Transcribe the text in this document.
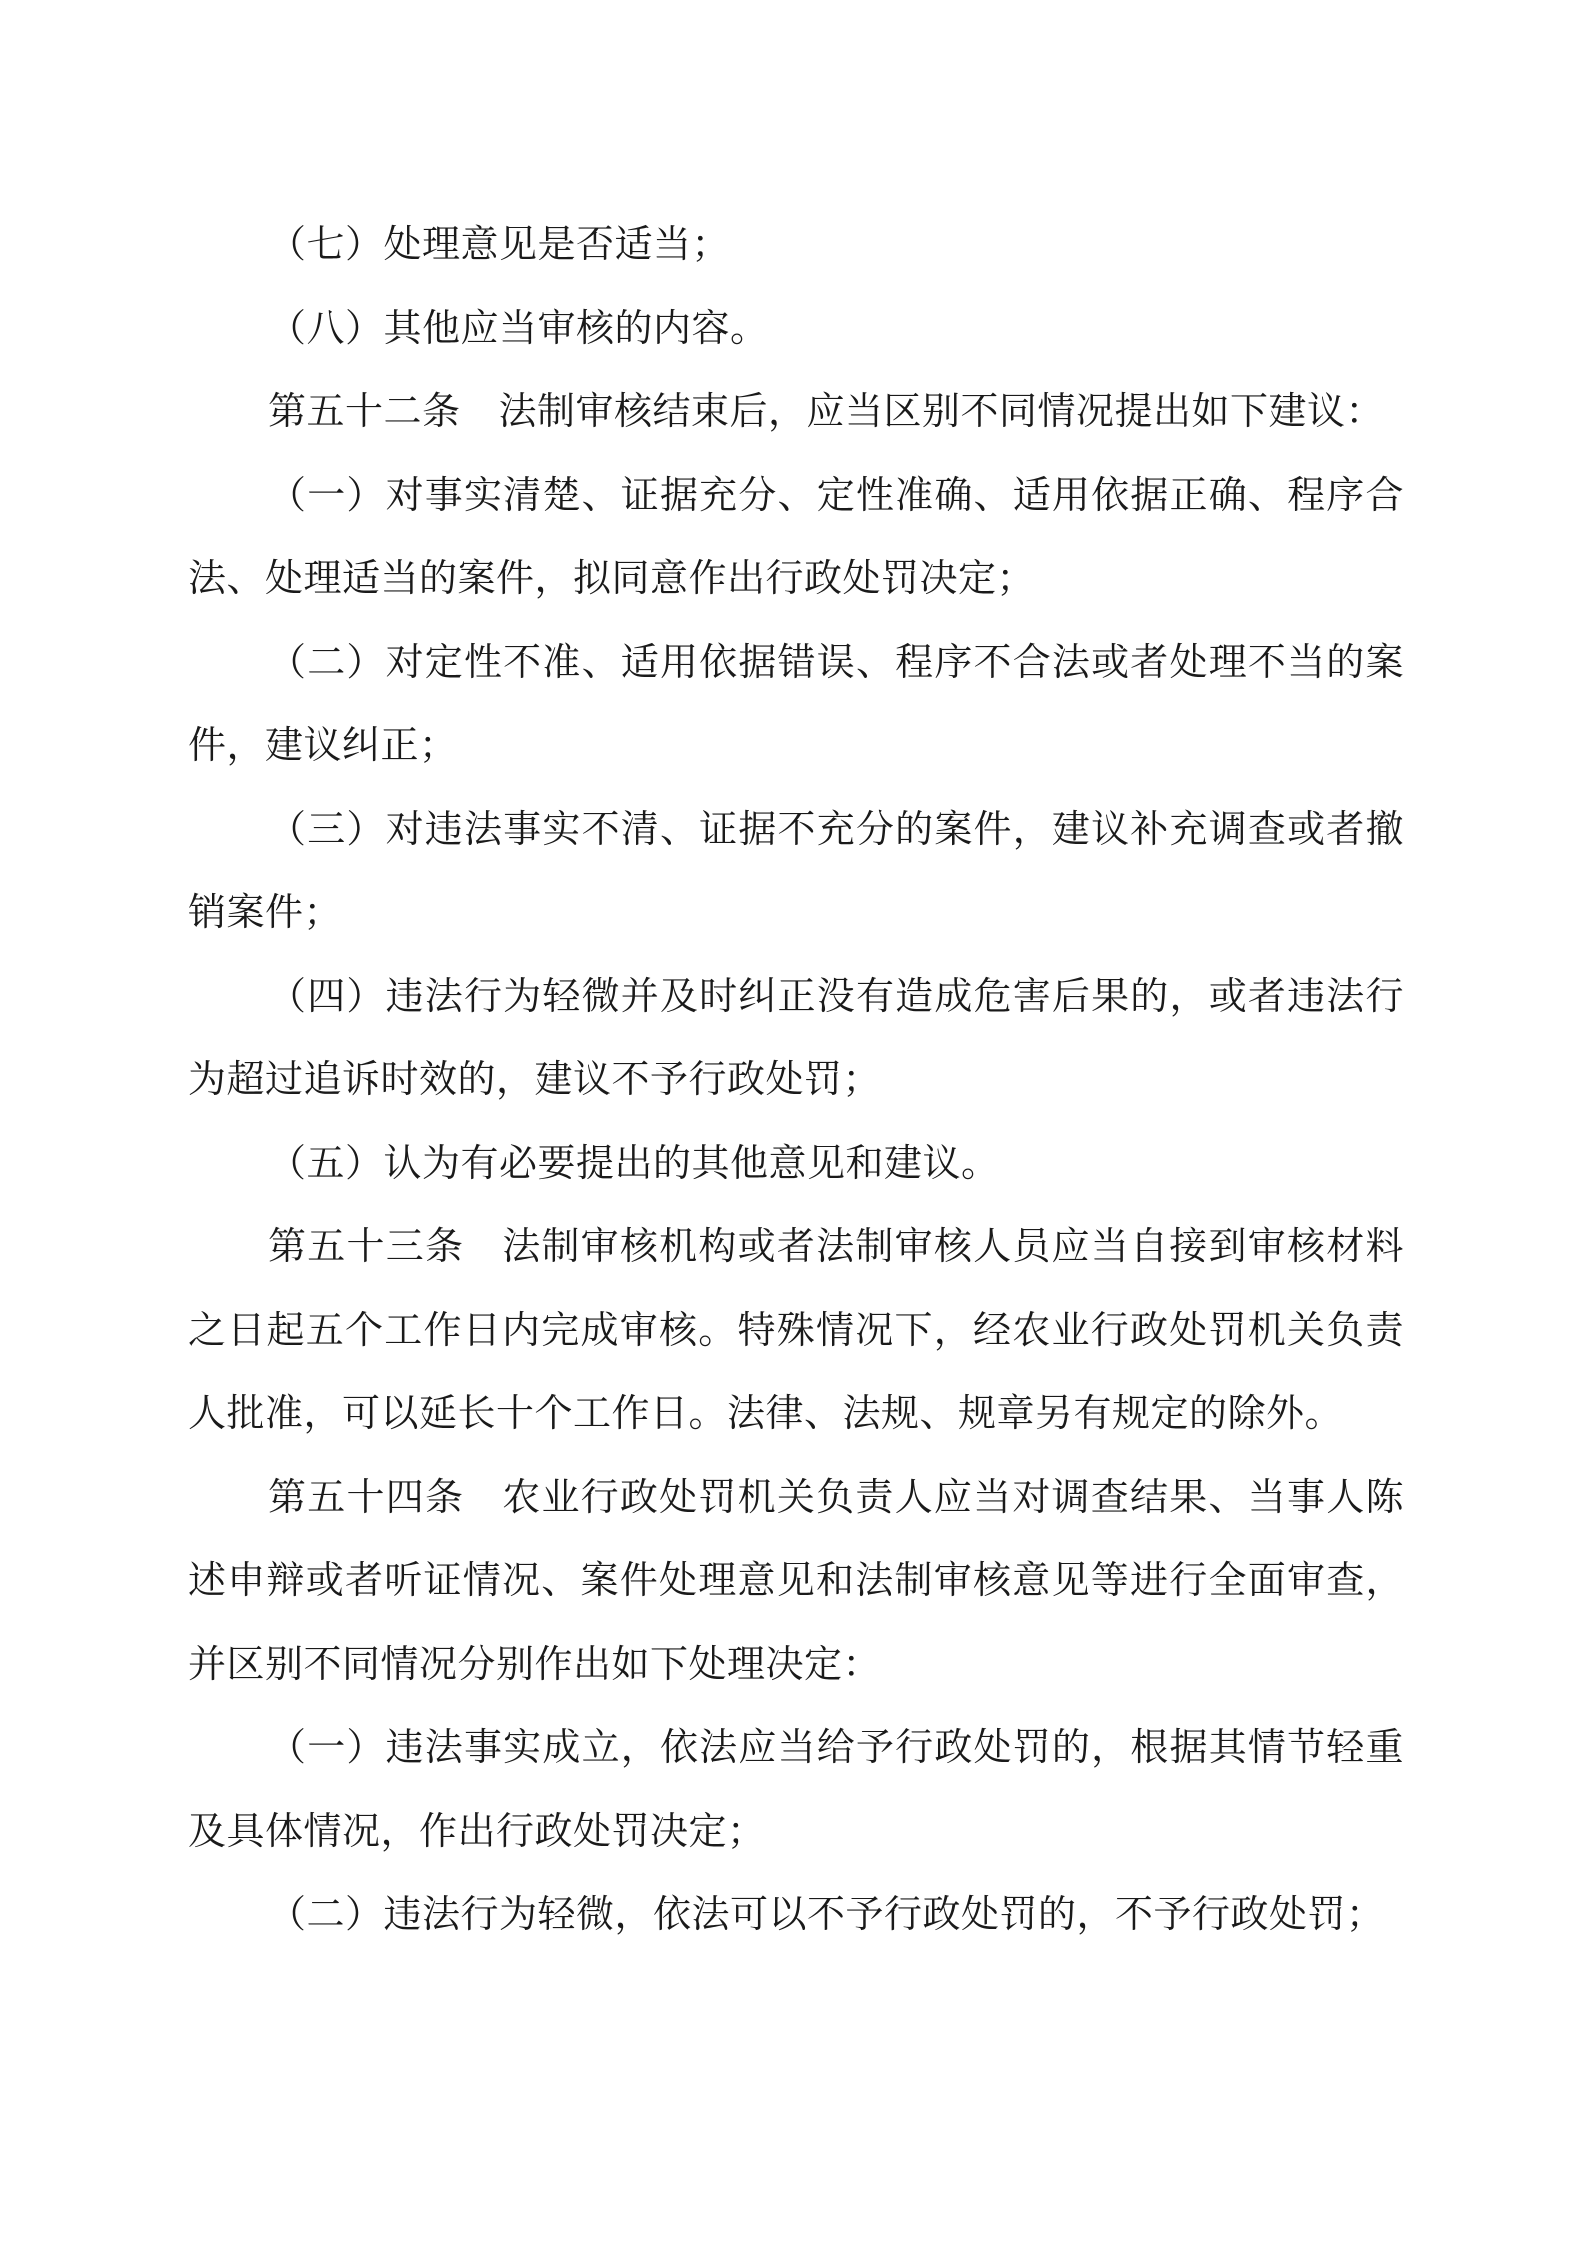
（七）处理意见是否适当；

（八）其他应当审核的内容。

第五十二条 法制审核结束后，应当区别不同情况提出如下建议：

（一）对事实清楚、证据充分、定性准确、适用依据正确、程序合法、处理适当的案件，拟同意作出行政处罚决定；

（二）对定性不准、适用依据错误、程序不合法或者处理不当的案件，建议纠正；

（三）对违法事实不清、证据不充分的案件，建议补充调查或者撤销案件；

（四）违法行为轻微并及时纠正没有造成危害后果的，或者违法行为超过追诉时效的，建议不予行政处罚；

（五）认为有必要提出的其他意见和建议。

第五十三条 法制审核机构或者法制审核人员应当自接到审核材料之日起五个工作日内完成审核。特殊情况下，经农业行政处罚机关负责人批准，可以延长十个工作日。法律、法规、规章另有规定的除外。

第五十四条 农业行政处罚机关负责人应当对调查结果、当事人陈述申辩或者听证情况、案件处理意见和法制审核意见等进行全面审查，并区别不同情况分别作出如下处理决定：

（一）违法事实成立，依法应当给予行政处罚的，根据其情节轻重及具体情况，作出行政处罚决定；

（二）违法行为轻微，依法可以不予行政处罚的，不予行政处罚；
